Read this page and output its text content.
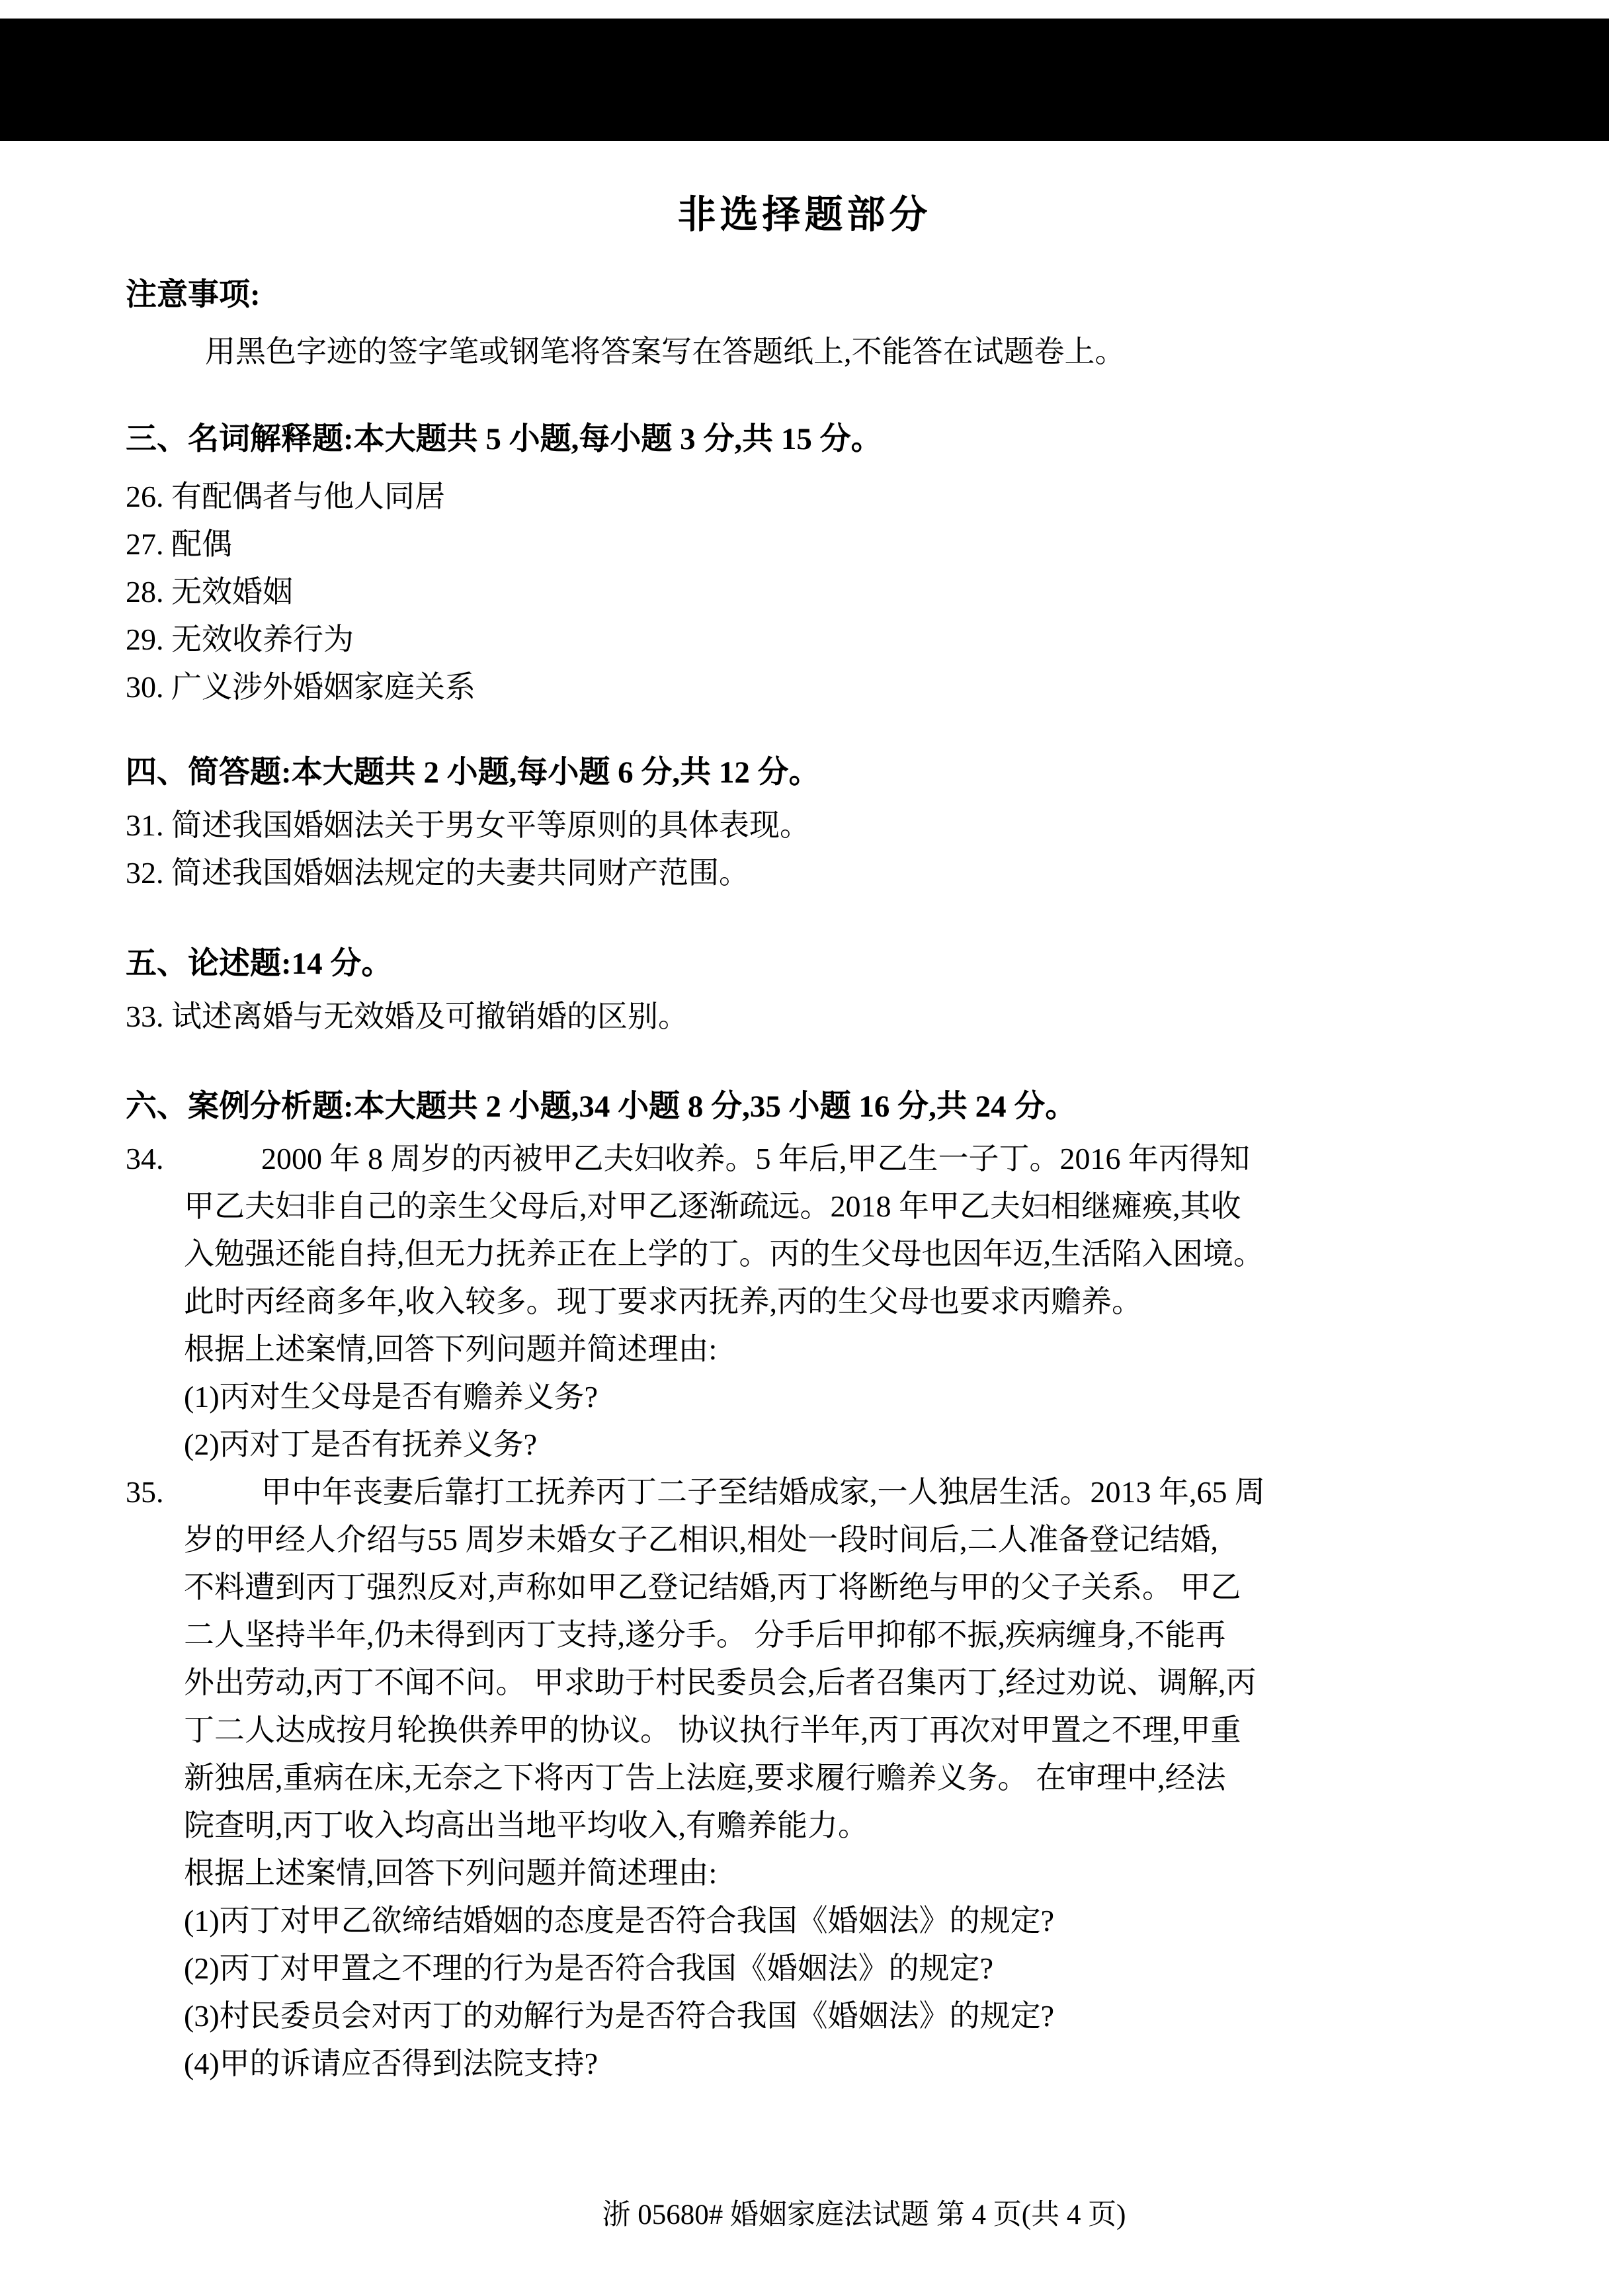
非选择题部分
注意事项:
用黑色字迹的签字笔或钢笔将答案写在答题纸上,不能答在试题卷上。
三、名词解释题:本大题共 5 小题,每小题 3 分,共 15 分。
26. 有配偶者与他人同居
27. 配偶
28. 无效婚姻
29. 无效收养行为
30. 广义涉外婚姻家庭关系
四、简答题:本大题共 2 小题,每小题 6 分,共 12 分。
31. 简述我国婚姻法关于男女平等原则的具体表现。
32. 简述我国婚姻法规定的夫妻共同财产范围。
五、论述题:14 分。
33. 试述离婚与无效婚及可撤销婚的区别。
六、案例分析题:本大题共 2 小题,34 小题 8 分,35 小题 16 分,共 24 分。
34.	2000 年 8 周岁的丙被甲乙夫妇收养。5 年后,甲乙生一子丁。2016 年丙得知
甲乙夫妇非自己的亲生父母后,对甲乙逐渐疏远。2018 年甲乙夫妇相继瘫痪,其收
入勉强还能自持,但无力抚养正在上学的丁。丙的生父母也因年迈,生活陷入困境。
此时丙经商多年,收入较多。现丁要求丙抚养,丙的生父母也要求丙赡养。
根据上述案情,回答下列问题并简述理由:
(1)丙对生父母是否有赡养义务?
(2)丙对丁是否有抚养义务?
35.	甲中年丧妻后靠打工抚养丙丁二子至结婚成家,一人独居生活。2013 年,65 周
岁的甲经人介绍与55 周岁未婚女子乙相识,相处一段时间后,二人准备登记结婚,
不料遭到丙丁强烈反对,声称如甲乙登记结婚,丙丁将断绝与甲的父子关系。 甲乙
二人坚持半年,仍未得到丙丁支持,遂分手。 分手后甲抑郁不振,疾病缠身,不能再
外出劳动,丙丁不闻不问。 甲求助于村民委员会,后者召集丙丁,经过劝说、调解,丙
丁二人达成按月轮换供养甲的协议。 协议执行半年,丙丁再次对甲置之不理,甲重
新独居,重病在床,无奈之下将丙丁告上法庭,要求履行赡养义务。 在审理中,经法
院查明,丙丁收入均高出当地平均收入,有赡养能力。
根据上述案情,回答下列问题并简述理由:
(1)丙丁对甲乙欲缔结婚姻的态度是否符合我国《婚姻法》的规定?
(2)丙丁对甲置之不理的行为是否符合我国《婚姻法》的规定?
(3)村民委员会对丙丁的劝解行为是否符合我国《婚姻法》的规定?
(4)甲的诉请应否得到法院支持?
浙 05680# 婚姻家庭法试题 第 4 页(共 4 页)
